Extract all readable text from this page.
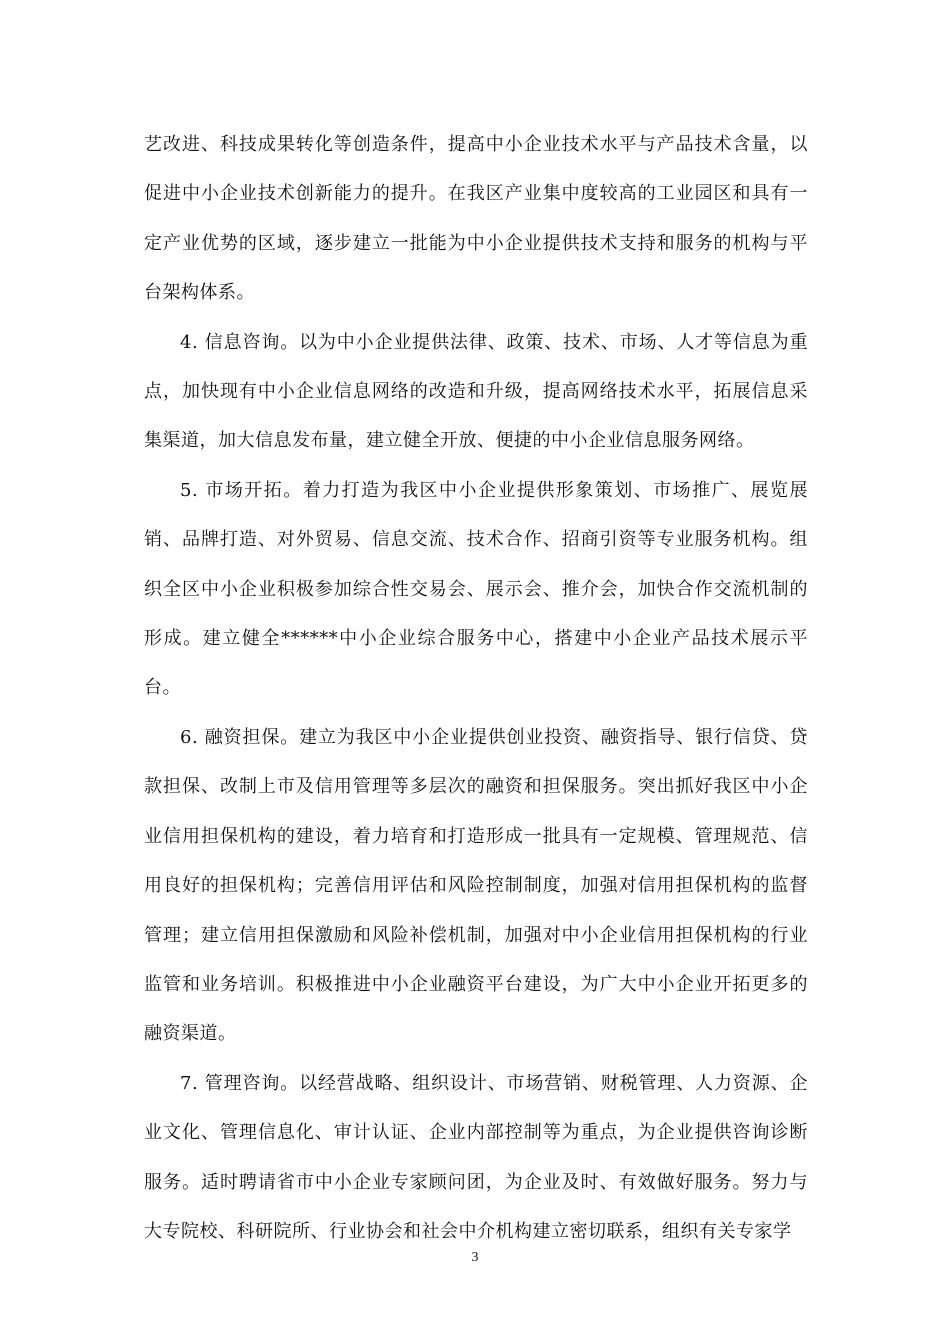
艺改进、科技成果转化等创造条件，提高中小企业技术水平与产品技术含量，以促进中小企业技术创新能力的提升。在我区产业集中度较高的工业园区和具有一定产业优势的区域，逐步建立一批能为中小企业提供技术支持和服务的机构与平台架构体系。

4. 信息咨询。以为中小企业提供法律、政策、技术、市场、人才等信息为重点，加快现有中小企业信息网络的改造和升级，提高网络技术水平，拓展信息采集渠道，加大信息发布量，建立健全开放、便捷的中小企业信息服务网络。

5. 市场开拓。着力打造为我区中小企业提供形象策划、市场推广、展览展销、品牌打造、对外贸易、信息交流、技术合作、招商引资等专业服务机构。组织全区中小企业积极参加综合性交易会、展示会、推介会，加快合作交流机制的形成。建立健全******中小企业综合服务中心，搭建中小企业产品技术展示平台。

6. 融资担保。建立为我区中小企业提供创业投资、融资指导、银行信贷、贷款担保、改制上市及信用管理等多层次的融资和担保服务。突出抓好我区中小企业信用担保机构的建设，着力培育和打造形成一批具有一定规模、管理规范、信用良好的担保机构；完善信用评估和风险控制制度，加强对信用担保机构的监督管理；建立信用担保激励和风险补偿机制，加强对中小企业信用担保机构的行业监管和业务培训。积极推进中小企业融资平台建设，为广大中小企业开拓更多的融资渠道。

7. 管理咨询。以经营战略、组织设计、市场营销、财税管理、人力资源、企业文化、管理信息化、审计认证、企业内部控制等为重点，为企业提供咨询诊断服务。适时聘请省市中小企业专家顾问团，为企业及时、有效做好服务。努力与大专院校、科研院所、行业协会和社会中介机构建立密切联系，组织有关专家学

3
